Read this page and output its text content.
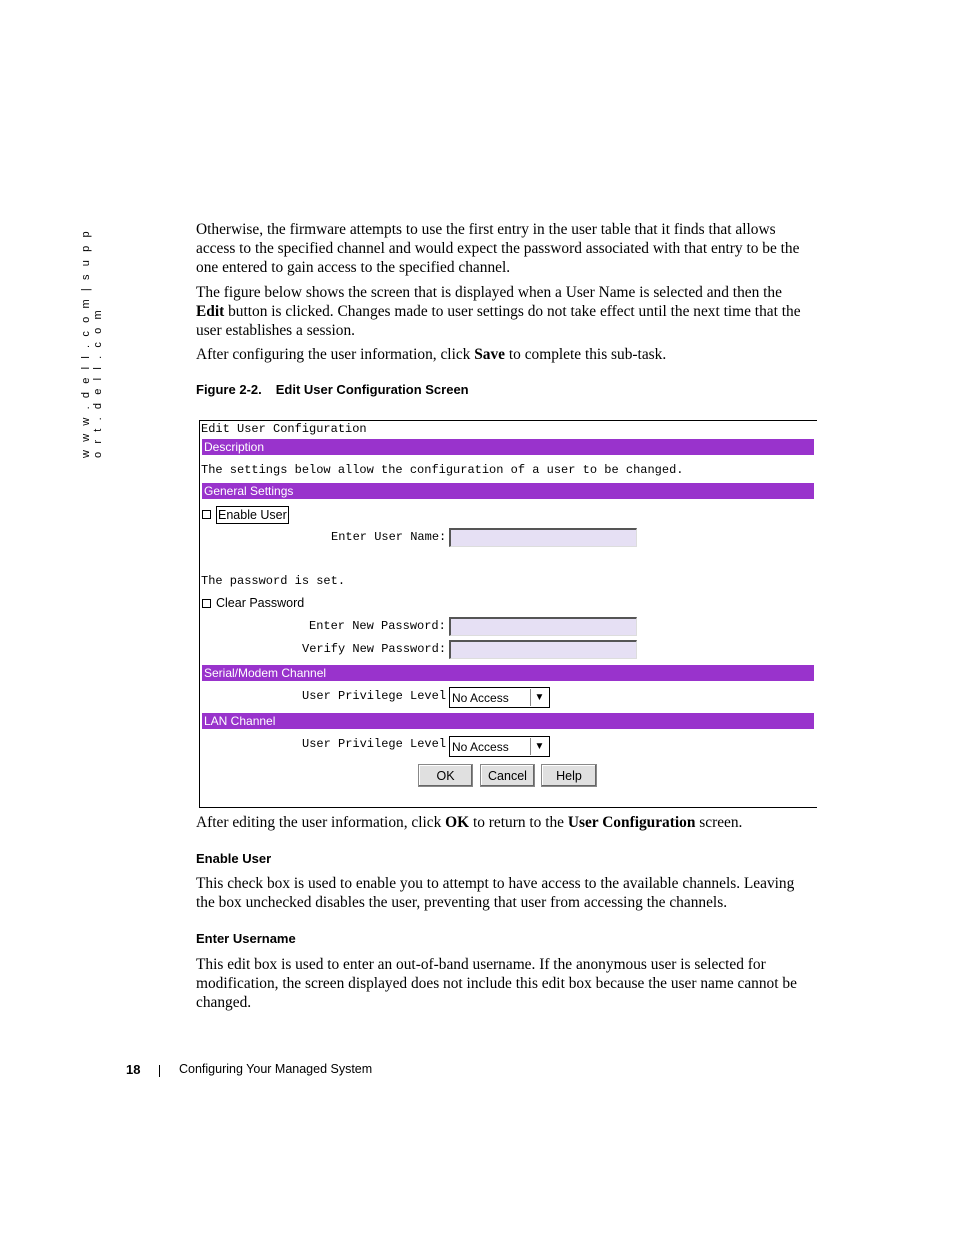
w w w . d e l l . c o m | s u p p o r t . d e l l . c o m

Otherwise, the firmware attempts to use the first entry in the user table that it finds that allows access to the specified channel and would expect the password associated with that entry to be the one entered to gain access to the specified channel.

The figure below shows the screen that is displayed when a User Name is selected and then the Edit button is clicked. Changes made to user settings do not take effect until the next time that the user establishes a session.

After configuring the user information, click Save to complete this sub-task.

Figure 2-2. Edit User Configuration Screen
Edit User Configuration
Description
The settings below allow the configuration of a user to be changed.
General Settings
Enable User
Enter User Name:
The password is set.
Clear Password
Enter New Password:
Verify New Password:
Serial/Modem Channel
User Privilege Level No Access	▼
LAN Channel
User Privilege Level No Access	▼
OK	Cancel	Help

After editing the user information, click OK to return to the User Configuration screen.

Enable User

This check box is used to enable you to attempt to have access to the available channels. Leaving the box unchecked disables the user, preventing that user from accessing the channels.

Enter Username

This edit box is used to enter an out-of-band username. If the anonymous user is selected for modification, the screen displayed does not include this edit box because the user name cannot be changed.

18	Configuring Your Managed System
